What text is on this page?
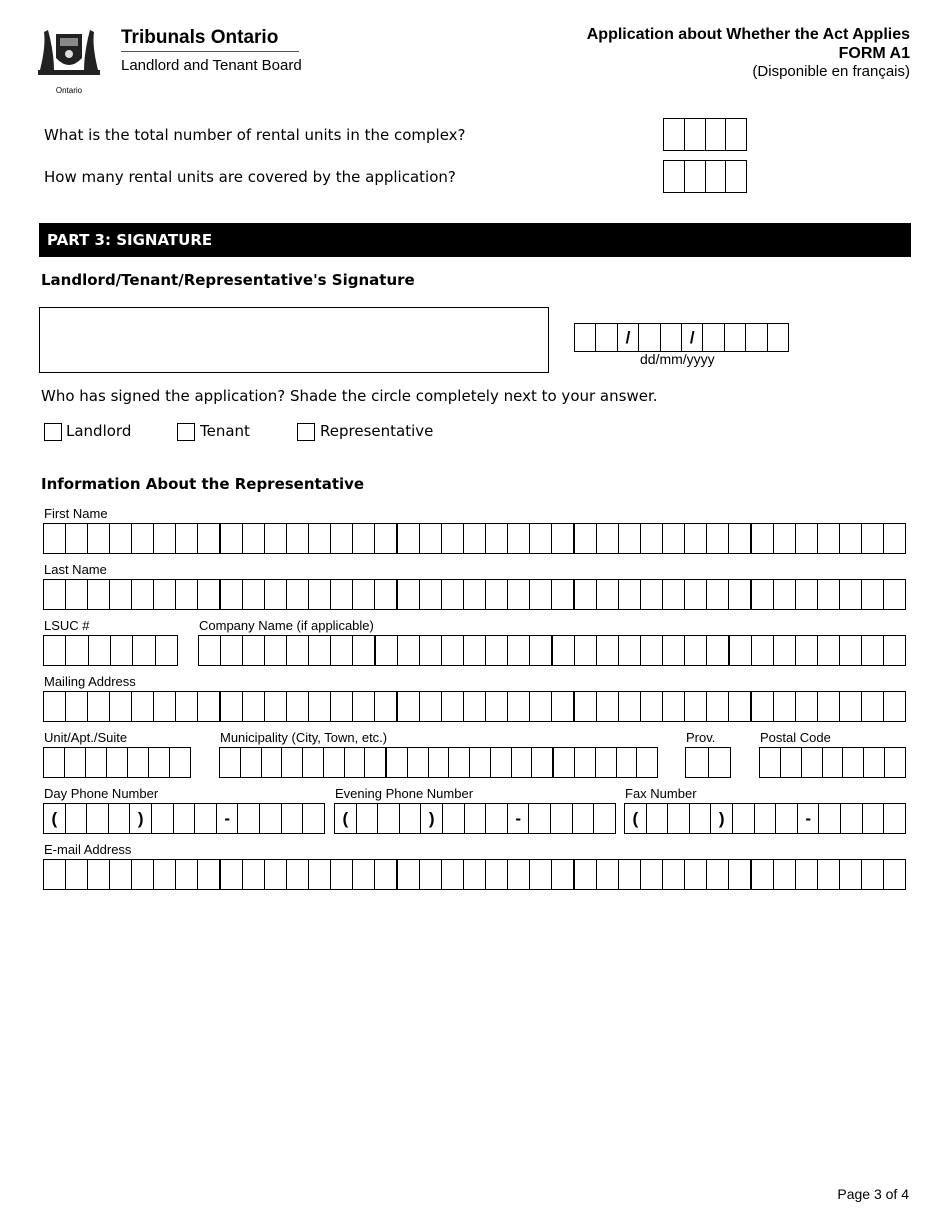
Ontario
Tribunals Ontario
Landlord and Tenant Board
Application about Whether the Act Applies
FORM A1
(Disponible en français)
What is the total number of rental units in the complex?
How many rental units are covered by the application?
PART 3: SIGNATURE
Landlord/Tenant/Representative's Signature
/	/
dd/mm/yyyy
Who has signed the application? Shade the circle completely next to your answer.
Landlord	Tenant	Representative
Information About the Representative
First Name
Last Name
LSUC #	Company Name (if applicable)
Mailing Address
Unit/Apt./Suite	Municipality (City, Town, etc.)	Prov.	Postal Code
Day Phone Number
(	)	-
Evening Phone Number
(	)	-
Fax Number
(	)	-
E-mail Address
Page 3 of 4
